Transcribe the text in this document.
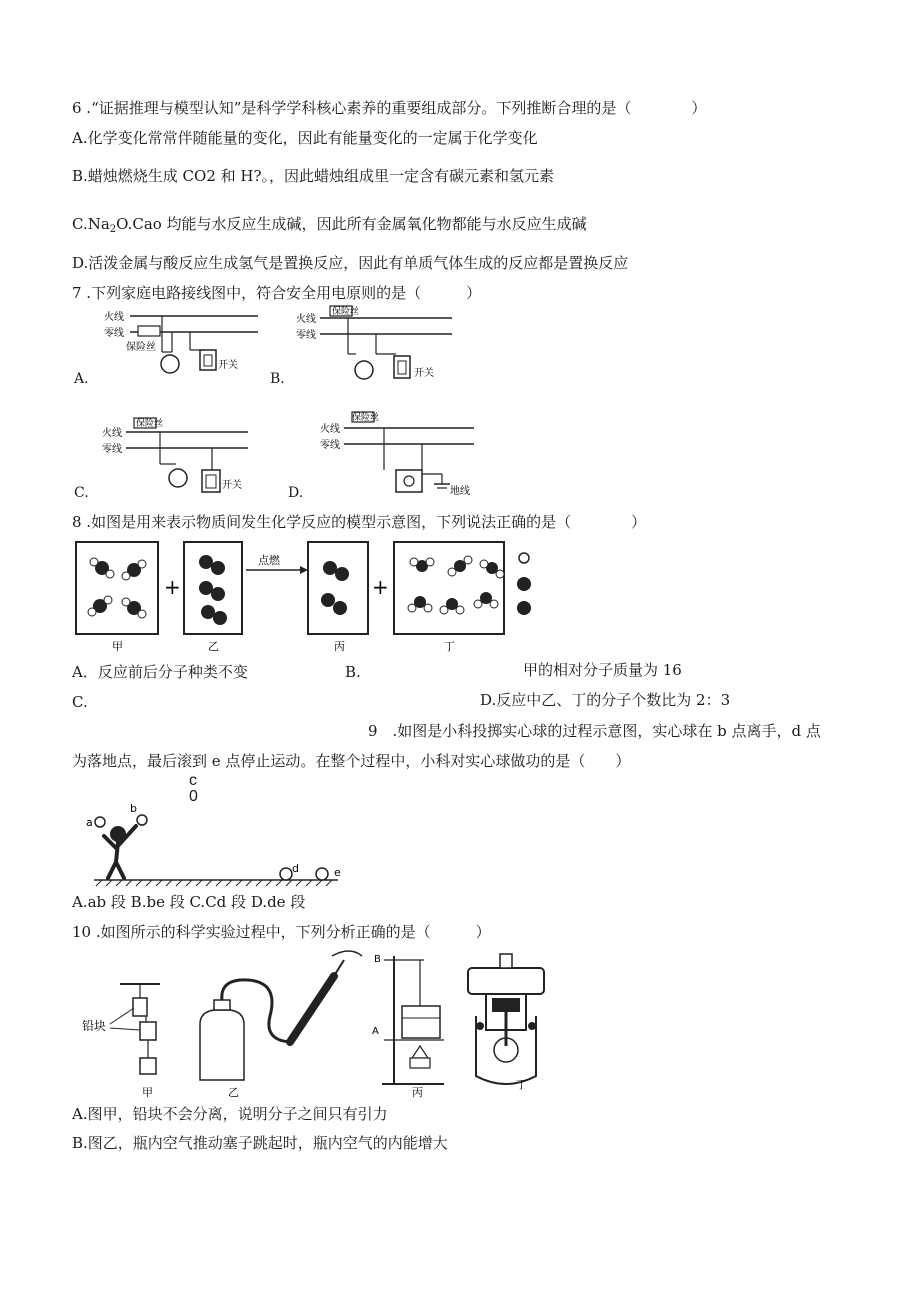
6 .“证据推理与模型认知”是科学学科核心素养的重要组成部分。下列推断合理的是（　　　　）
A.化学变化常常伴随能量的变化，因此有能量变化的一定属于化学变化
B.蜡烛燃烧生成 CO2 和 H?。，因此蜡烛组成里一定含有碳元素和氢元素
$C.Na_2O.Cao$ 均能与水反应生成碱，因此所有金属氧化物都能与水反应生成碱
D.活泼金属与酸反应生成氢气是置换反应，因此有单质气体生成的反应都是置换反应
7 .下列家庭电路接线图中，符合安全用电原则的是（　　　）
A.
火线
零线
保险丝
开关
B.
火线
零线
保险丝
开关
C.
保险丝
火线
零线
开关	D.
保险丝
火线
零线
地线
8 .如图是用来表示物质间发生化学反应的模型示意图，下列说法正确的是（　　　　）
甲
+
乙
点燃
丙
+
丁
A．反应前后分子种类不变	B.	甲的相对分子质量为 16
C.	D.反应中乙、丁的分子个数比为 2：3
9　.如图是小科投掷实心球的过程示意图，实心球在 b 点离手，d 点
为落地点，最后滚到 e 点停止运动。在整个过程中，小科对实心球做功的是（　　）
c
0
a
b
d	e
A.ab 段 B.be 段 C.Cd 段 D.de 段
10 .如图所示的科学实验过程中，下列分析正确的是（　　　）
铅块
甲	乙
B
A
丙
丁
A.图甲，铅块不会分离，说明分子之间只有引力
B.图乙，瓶内空气推动塞子跳起时，瓶内空气的内能增大
